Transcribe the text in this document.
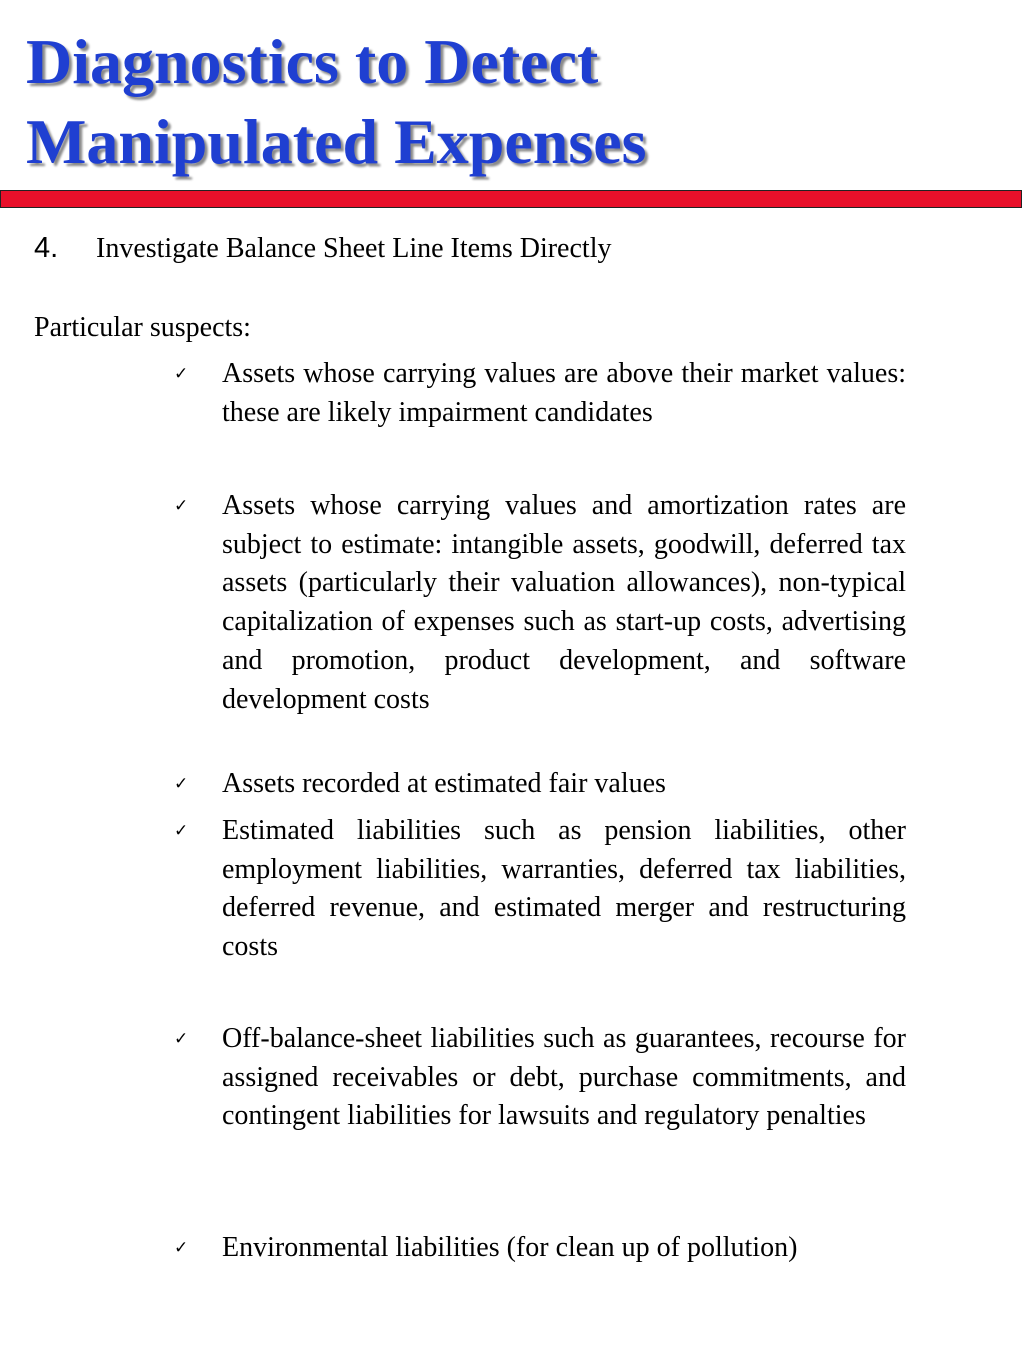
Diagnostics to Detect
Manipulated Expenses
4. Investigate Balance Sheet Line Items Directly
Particular suspects:
✓	Assets whose carrying values are above their market values: these are likely impairment candidates
✓	Assets whose carrying values and amortization rates are subject to estimate: intangible assets, goodwill, deferred tax assets (particularly their valuation allowances), non-typical capitalization of expenses such as start-up costs, advertising and promotion, product development, and software development costs
✓	Assets recorded at estimated fair values
✓	Estimated liabilities such as pension liabilities, other employment liabilities, warranties, deferred tax liabilities, deferred revenue, and estimated merger and restructuring costs
✓	Off-balance-sheet liabilities such as guarantees, recourse for assigned receivables or debt, purchase commitments, and contingent liabilities for lawsuits and regulatory penalties
✓	Environmental liabilities (for clean up of pollution)
